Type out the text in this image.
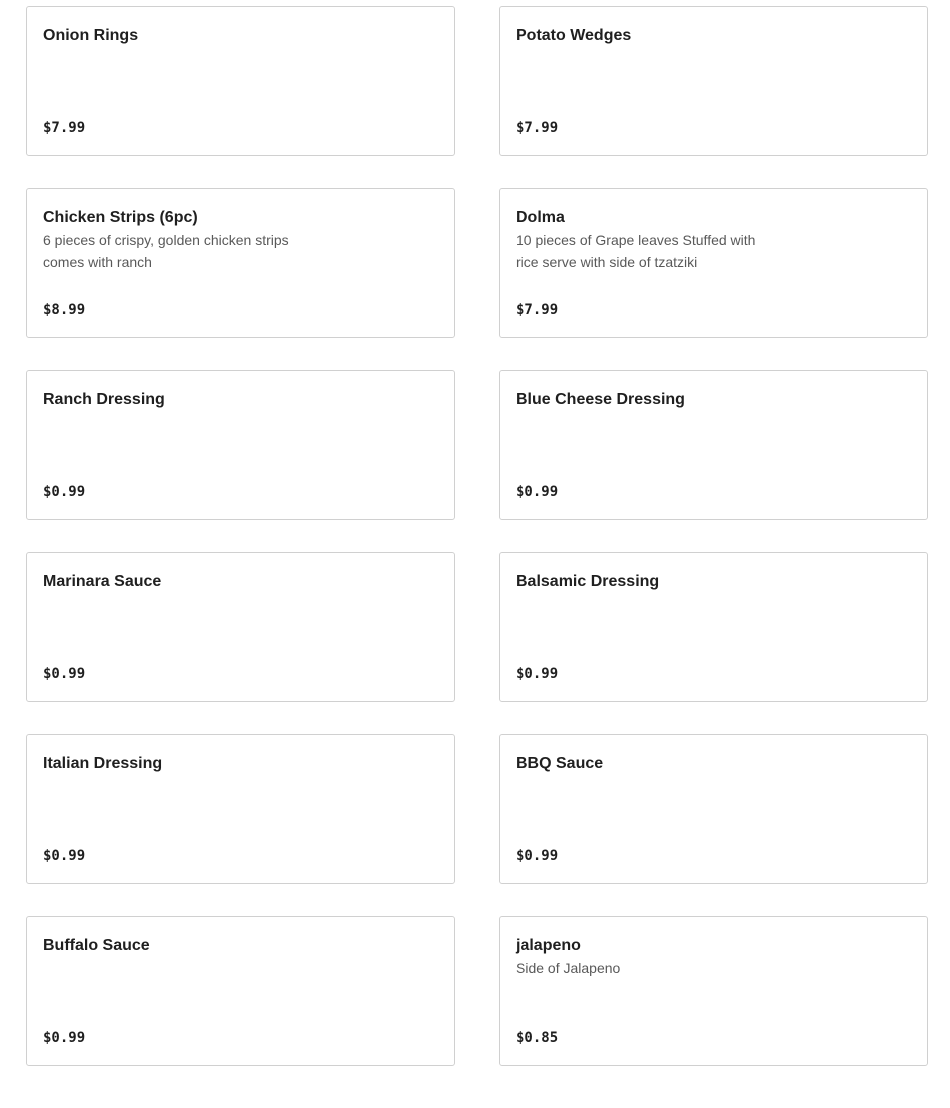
Onion Rings
$7.99
Potato Wedges
$7.99
Chicken Strips (6pc)
6 pieces of crispy, golden chicken strips comes with ranch
$8.99
Dolma
10 pieces of Grape leaves Stuffed with rice serve with side of tzatziki
$7.99
Ranch Dressing
$0.99
Blue Cheese Dressing
$0.99
Marinara Sauce
$0.99
Balsamic Dressing
$0.99
Italian Dressing
$0.99
BBQ Sauce
$0.99
Buffalo Sauce
$0.99
jalapeno
Side of Jalapeno
$0.85
